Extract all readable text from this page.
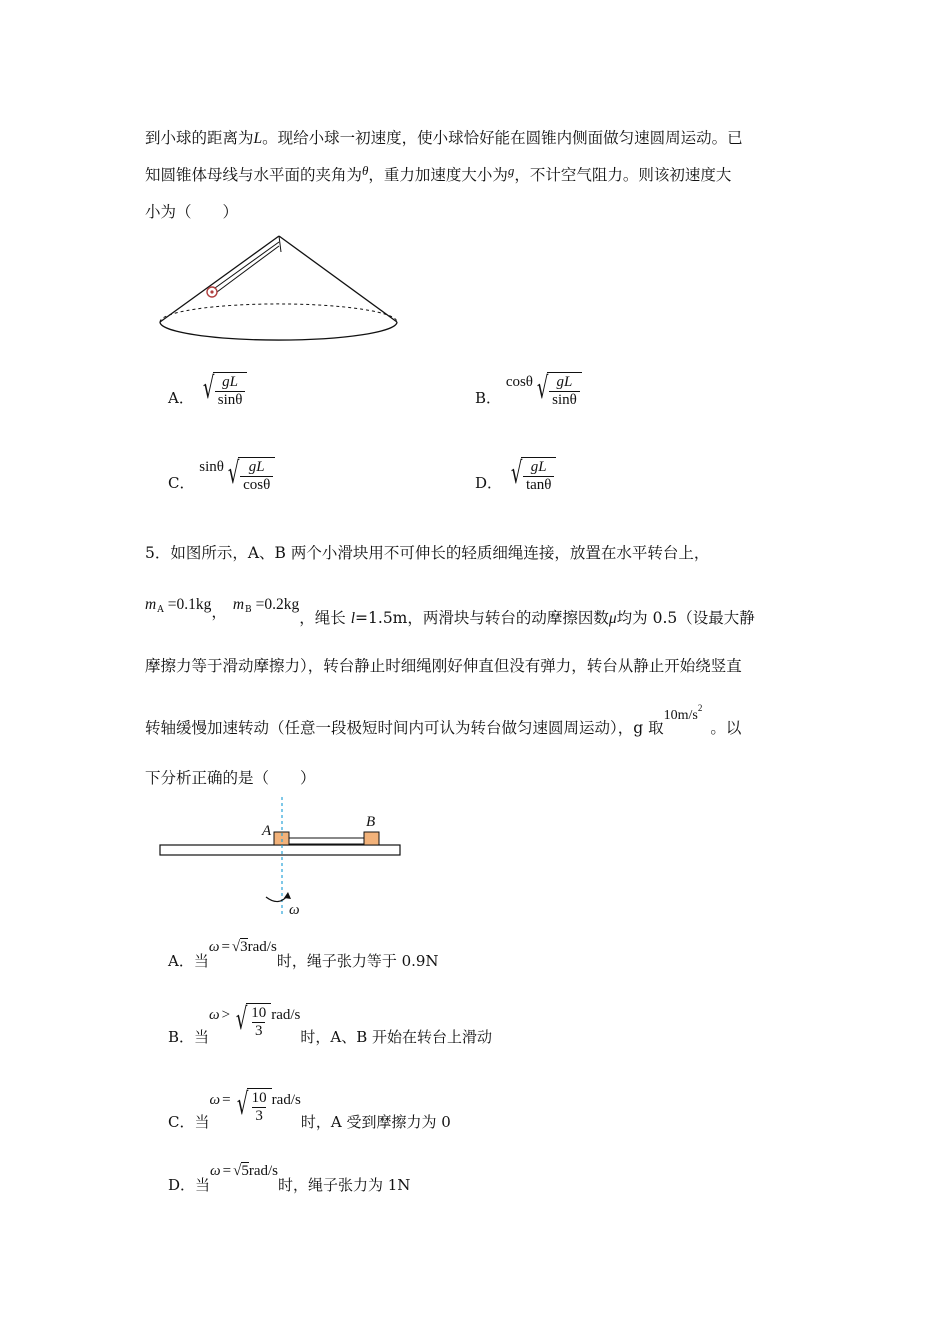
到小球的距离为L。现给小球一初速度，使小球恰好能在圆锥内侧面做匀速圆周运动。已
知圆锥体母线与水平面的夹角为$^\theta$，重力加速度大小为$^g$，不计空气阻力。则该初速度大
小为（　　）
A． √ $\frac{gL}{\sin\theta}$	B． cosθ √ $\frac{gL}{\sin\theta}$
C． sinθ √ $\frac{gL}{\cos\theta}$	D． √ $\frac{gL}{\tan\theta}$
5．如图所示，A、B 两个小滑块用不可伸长的轻质细绳连接，放置在水平转台上，
mA =0.1kg， mB =0.2kg，绳长 l=1.5m，两滑块与转台的动摩擦因数μ均为 0.5（设最大静
摩擦力等于滑动摩擦力），转台静止时细绳刚好伸直但没有弹力，转台从静止开始绕竖直
转轴缓慢加速转动（任意一段极短时间内可认为转台做匀速圆周运动），g 取$10m/s^2$。以
下分析正确的是（　　）
A
B
ω
A．当ω = √3rad/s时，绳子张力等于 0.9N
B．当ω > √ $\frac{10}{3} rad/s$时，A、B 开始在转台上滑动
C．当ω = √ $\frac{10}{3} rad/s$时，A 受到摩擦力为 0
D．当ω = √5rad/s时，绳子张力为 1N
